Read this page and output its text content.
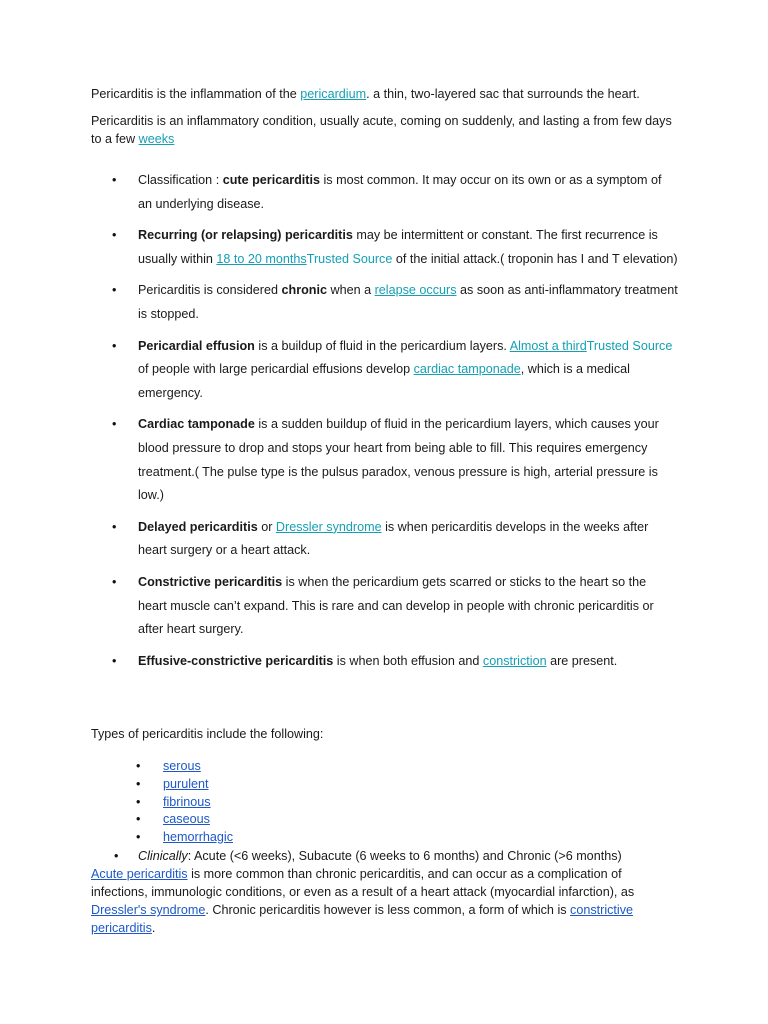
Pericarditis is the inflammation of the pericardium. a thin, two-layered sac that surrounds the heart.

Pericarditis is an inflammatory condition, usually acute, coming on suddenly, and lasting a from few days to a few weeks

• Classification : cute pericarditis is most common. It may occur on its own or as a symptom of an underlying disease.
• Recurring (or relapsing) pericarditis may be intermittent or constant. The first recurrence is usually within 18 to 20 monthsTrusted Source of the initial attack.( troponin has I and T elevation)
• Pericarditis is considered chronic when a relapse occurs as soon as anti-inflammatory treatment is stopped.
• Pericardial effusion is a buildup of fluid in the pericardium layers. Almost a thirdTrusted Source of people with large pericardial effusions develop cardiac tamponade, which is a medical emergency.
• Cardiac tamponade is a sudden buildup of fluid in the pericardium layers, which causes your blood pressure to drop and stops your heart from being able to fill. This requires emergency treatment.( The pulse type is the pulsus paradox, venous pressure is high, arterial pressure is low.)
• Delayed pericarditis or Dressler syndrome is when pericarditis develops in the weeks after heart surgery or a heart attack.
• Constrictive pericarditis is when the pericardium gets scarred or sticks to the heart so the heart muscle can’t expand. This is rare and can develop in people with chronic pericarditis or after heart surgery.
• Effusive-constrictive pericarditis is when both effusion and constriction are present.

Types of pericarditis include the following:

• serous
• purulent
• fibrinous
• caseous
• hemorrhagic
• Clinically: Acute (<6 weeks), Subacute (6 weeks to 6 months) and Chronic (>6 months)

Acute pericarditis is more common than chronic pericarditis, and can occur as a complication of infections, immunologic conditions, or even as a result of a heart attack (myocardial infarction), as Dressler's syndrome. Chronic pericarditis however is less common, a form of which is constrictive pericarditis.
